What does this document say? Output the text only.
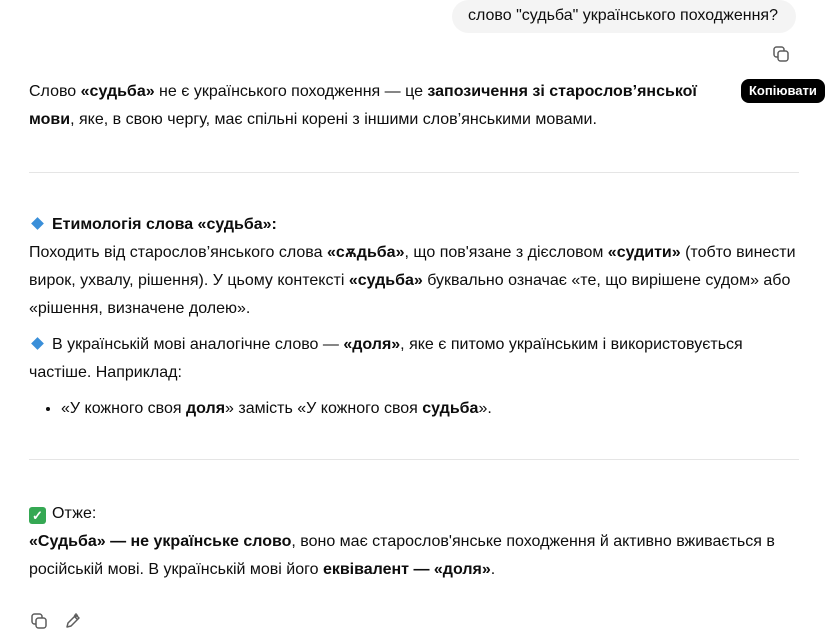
слово "судьба" українського походження?
Копіювати

Слово «судьба» не є українського походження — це запозичення зі старослов’янської мови, яке, в свою чергу, має спільні корені з іншими слов’янськими мовами.

Етимологія слова «судьба»:

Походить від старослов’янського слова «сѫдьба», що пов'язане з дієсловом «судити» (тобто винести вирок, ухвалу, рішення). У цьому контексті «судьба» буквально означає «те, що вирішене судом» або «рішення, визначене долею».

В українській мові аналогічне слово — «доля», яке є питомо українським і використовується частіше. Наприклад:

• «У кожного своя доля» замість «У кожного своя судьба».

✓ Отже:

«Судьба» — не українське слово, воно має старослов'янське походження й активно вживається в російській мові. В українській мові його еквівалент — «доля».
